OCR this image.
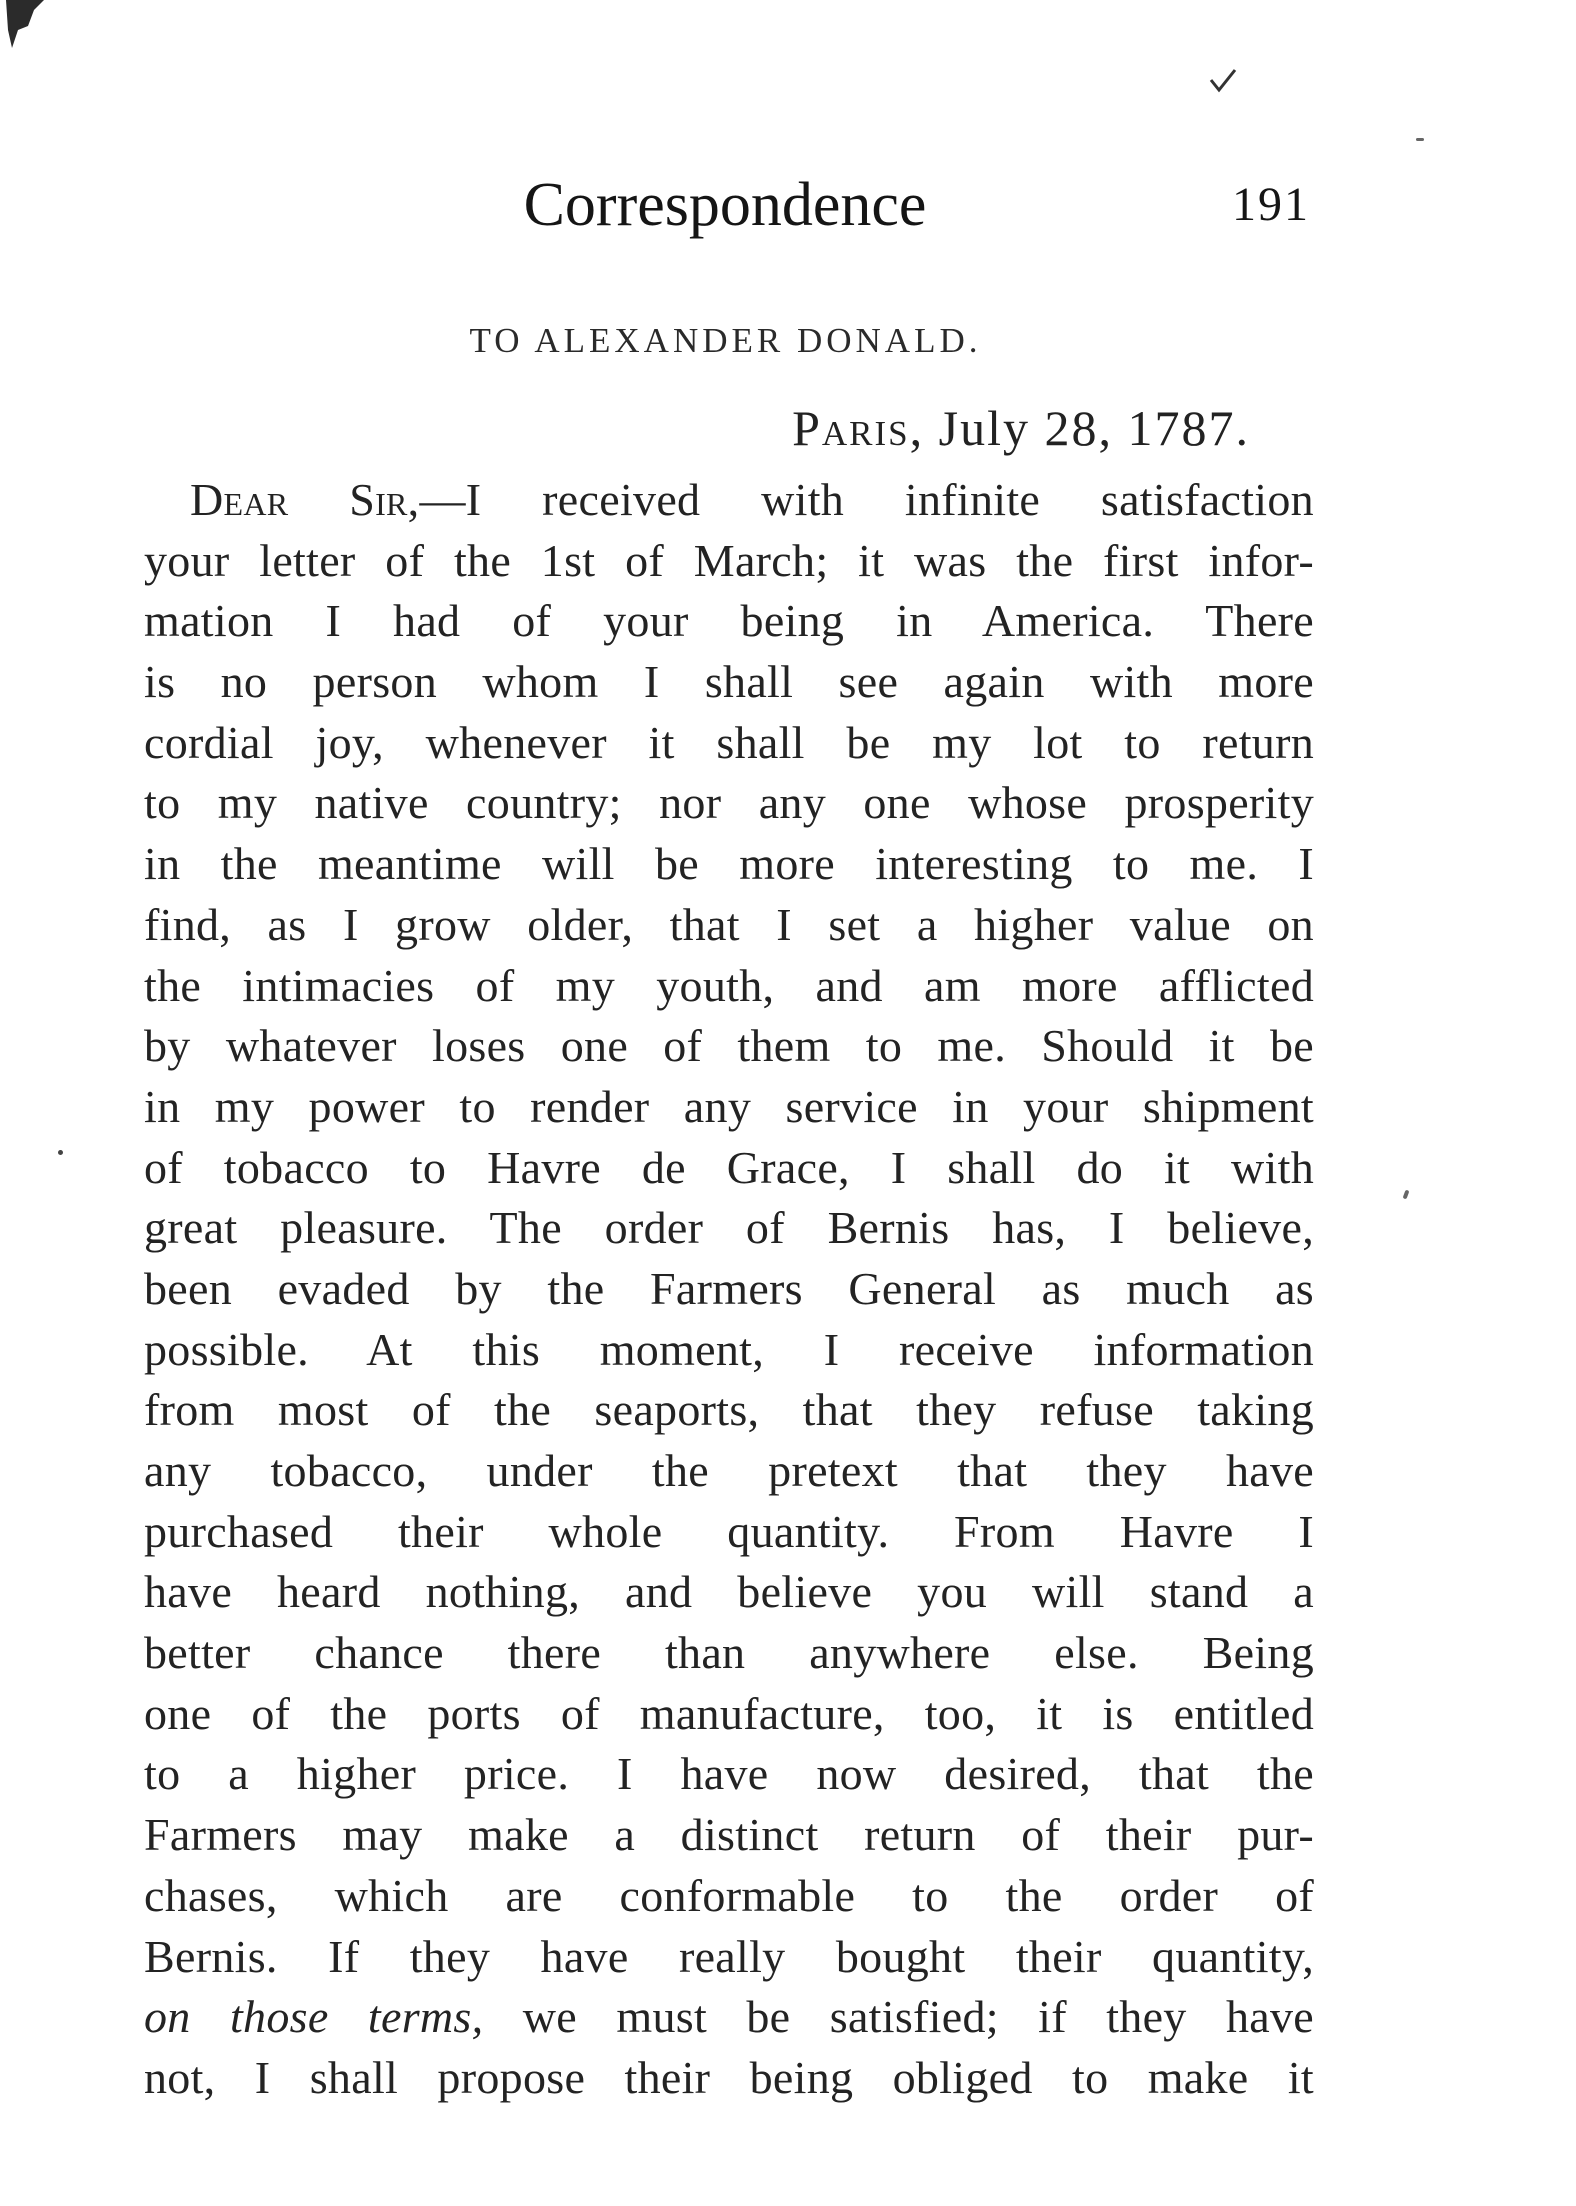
Correspondence	191
TO ALEXANDER DONALD.
Paris, July 28, 1787.
Dear Sir,—I received with infinite satisfaction
your letter of the 1st of March; it was the first infor-
mation I had of your being in America. There
is no person whom I shall see again with more
cordial joy, whenever it shall be my lot to return
to my native country; nor any one whose prosperity
in the meantime will be more interesting to me. I
find, as I grow older, that I set a higher value on
the intimacies of my youth, and am more afflicted
by whatever loses one of them to me. Should it be
in my power to render any service in your shipment
of tobacco to Havre de Grace, I shall do it with
great pleasure. The order of Bernis has, I believe,
been evaded by the Farmers General as much as
possible. At this moment, I receive information
from most of the seaports, that they refuse taking
any tobacco, under the pretext that they have
purchased their whole quantity. From Havre I
have heard nothing, and believe you will stand a
better chance there than anywhere else. Being
one of the ports of manufacture, too, it is entitled
to a higher price. I have now desired, that the
Farmers may make a distinct return of their pur-
chases, which are conformable to the order of
Bernis. If they have really bought their quantity,
on those terms, we must be satisfied; if they have
not, I shall propose their being obliged to make it
